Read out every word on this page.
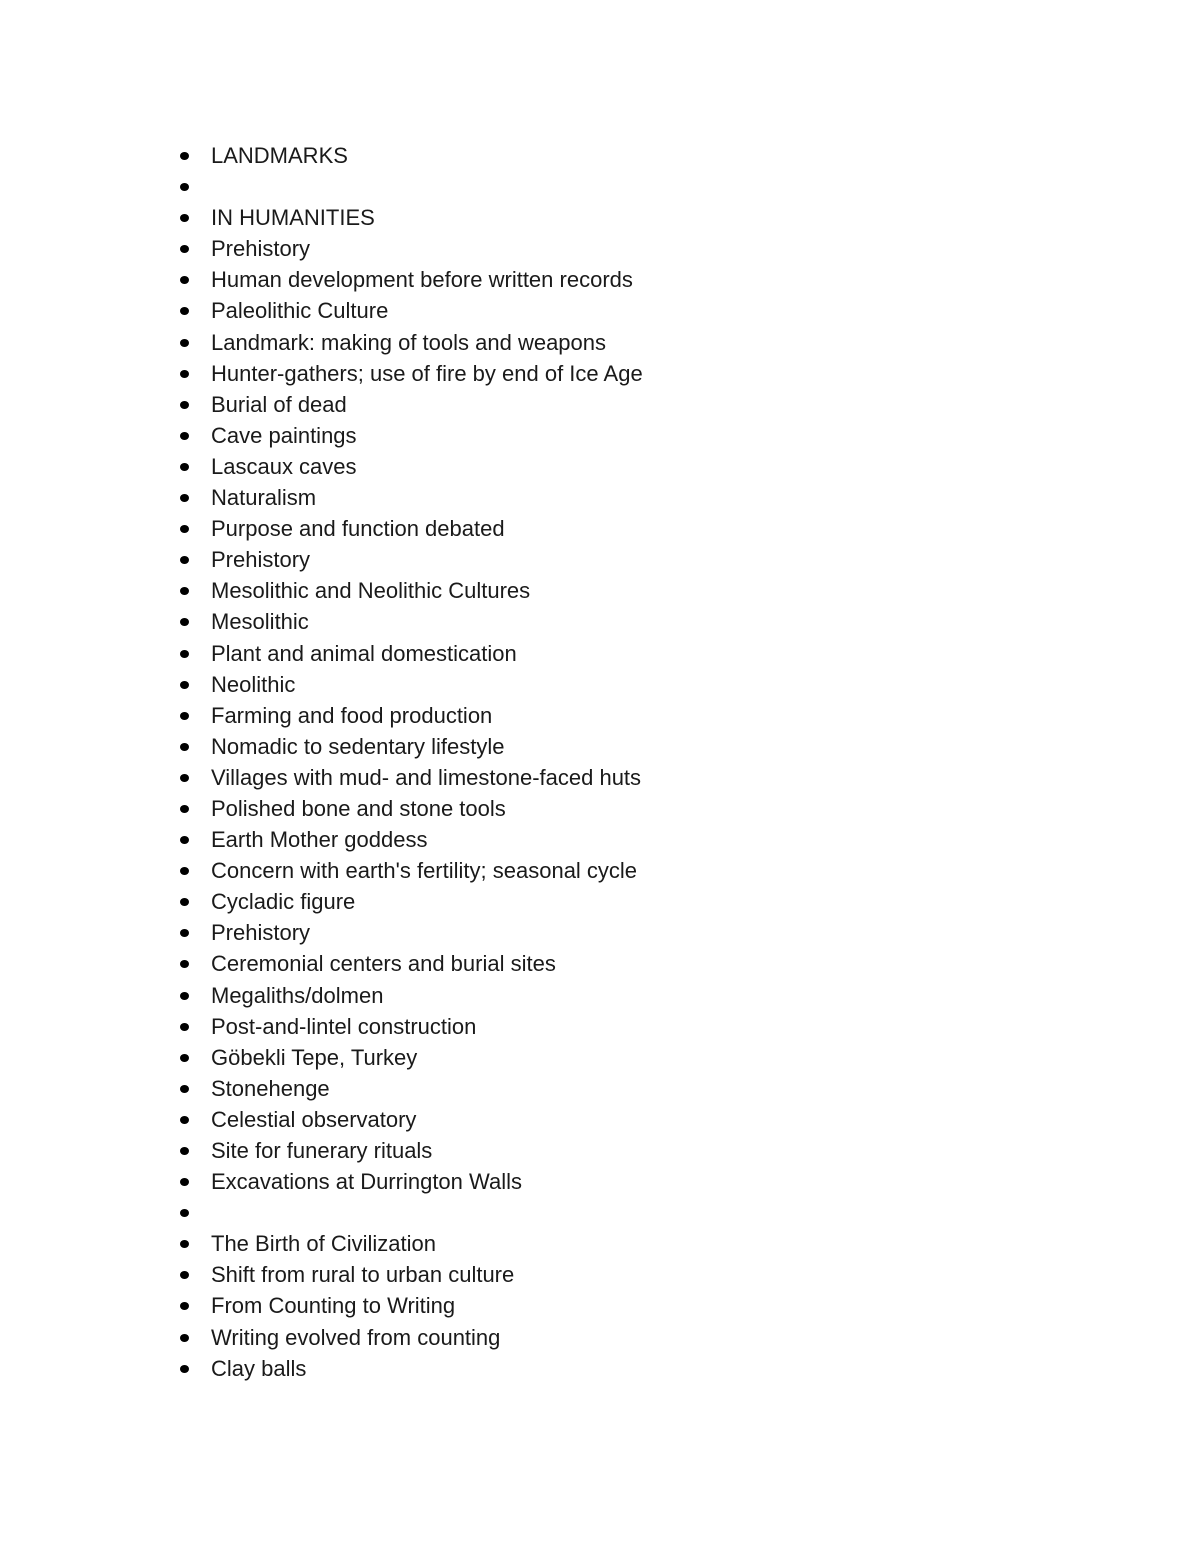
LANDMARKS
IN HUMANITIES
Prehistory
Human development before written records
Paleolithic Culture
Landmark: making of tools and weapons
Hunter-gathers; use of fire by end of Ice Age
Burial of dead
Cave paintings
Lascaux caves
Naturalism
Purpose and function debated
Prehistory
Mesolithic and Neolithic Cultures
Mesolithic
Plant and animal domestication
Neolithic
Farming and food production
Nomadic to sedentary lifestyle
Villages with mud- and limestone-faced huts
Polished bone and stone tools
Earth Mother goddess
Concern with earth's fertility; seasonal cycle
Cycladic figure
Prehistory
Ceremonial centers and burial sites
Megaliths/dolmen
Post-and-lintel construction
Göbekli Tepe, Turkey
Stonehenge
Celestial observatory
Site for funerary rituals
Excavations at Durrington Walls
The Birth of Civilization
Shift from rural to urban culture
From Counting to Writing
Writing evolved from counting
Clay balls
